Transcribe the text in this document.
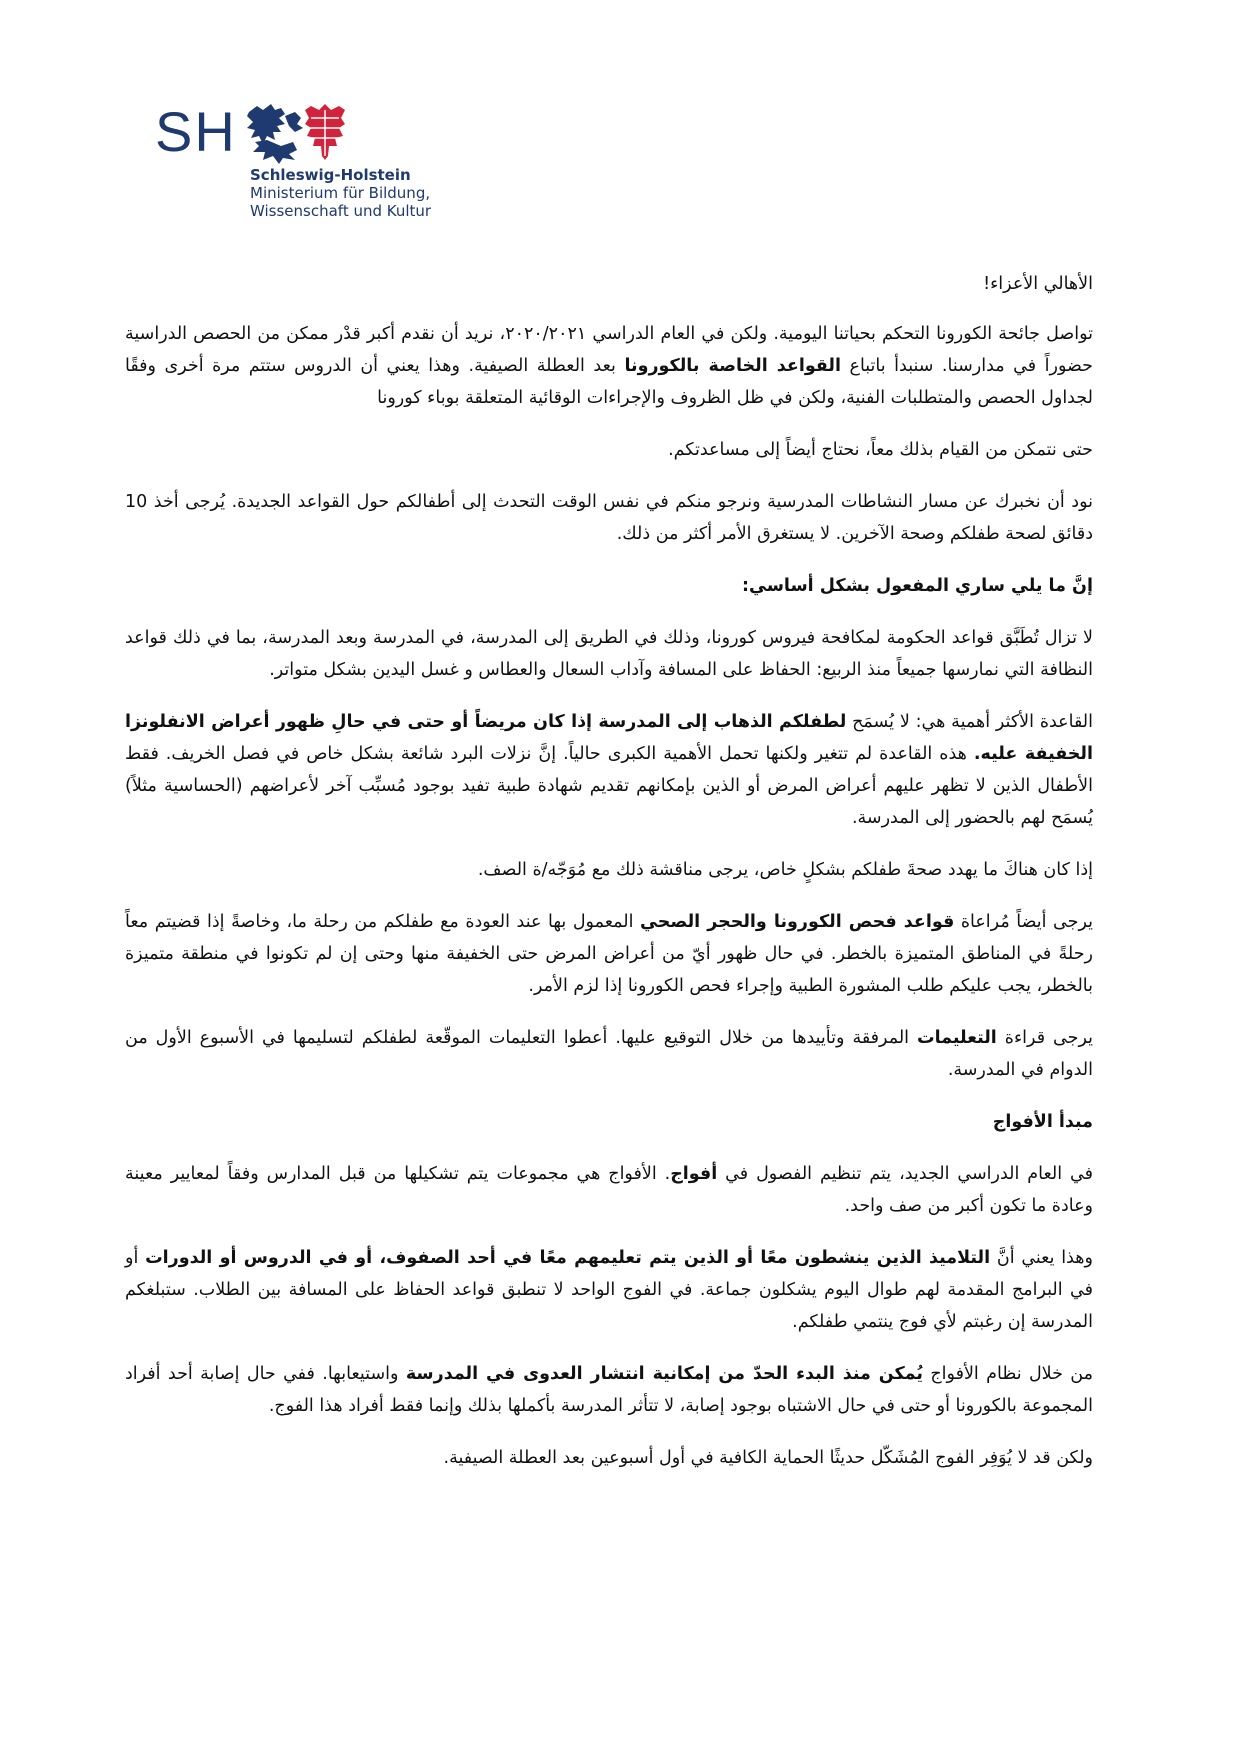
SH
Schleswig-Holstein
Ministerium für Bildung,
Wissenschaft und Kultur

الأهالي الأعزاء!

تواصل جائحة الكورونا التحكم بحياتنا اليومية. ولكن في العام الدراسي ٢٠٢٠/٢٠٢١، نريد أن نقدم أكبر قدْر ممكن من الحصص الدراسية حضوراً في مدارسنا. سنبدأ باتباع القواعد الخاصة بالكورونا بعد العطلة الصيفية. وهذا يعني أن الدروس ستتم مرة أخرى وفقًا لجداول الحصص والمتطلبات الفنية، ولكن في ظل الظروف والإجراءات الوقائية المتعلقة بوباء كورونا

حتى نتمكن من القيام بذلك معاً، نحتاج أيضاً إلى مساعدتكم.

نود أن نخبرك عن مسار النشاطات المدرسية ونرجو منكم في نفس الوقت التحدث إلى أطفالكم حول القواعد الجديدة. يُرجى أخذ 10 دقائق لصحة طفلكم وصحة الآخرين. لا يستغرق الأمر أكثر من ذلك.

إنَّ ما يلي ساري المفعول بشكل أساسي:

لا تزال تُطَبَّق قواعد الحكومة لمكافحة فيروس كورونا، وذلك في الطريق إلى المدرسة، في المدرسة وبعد المدرسة، بما في ذلك قواعد النظافة التي نمارسها جميعاً منذ الربيع: الحفاظ على المسافة وآداب السعال والعطاس و غسل اليدين بشكل متواتر.

القاعدة الأكثر أهمية هي: لا يُسمَح لطفلكم الذهاب إلى المدرسة إذا كان مريضاً أو حتى في حالِ ظهور أعراض الانفلونزا الخفيفة عليه. هذه القاعدة لم تتغير ولكنها تحمل الأهمية الكبرى حالياً. إنَّ نزلات البرد شائعة بشكل خاص في فصل الخريف. فقط الأطفال الذين لا تظهر عليهم أعراض المرض أو الذين بإمكانهم تقديم شهادة طبية تفيد بوجود مُسبِّب آخر لأعراضهم (الحساسية مثلاً) يُسمَح لهم بالحضور إلى المدرسة.

إذا كان هناكَ ما يهدد صحةَ طفلكم بشكلٍ خاص، يرجى مناقشة ذلك مع مُوَجّه/ة الصف.

يرجى أيضاً مُراعاة قواعد فحص الكورونا والحجر الصحي المعمول بها عند العودة مع طفلكم من رحلة ما، وخاصةً إذا قضيتم معاً رحلةً في المناطق المتميزة بالخطر. في حال ظهور أيّ من أعراض المرض حتى الخفيفة منها وحتى إن لم تكونوا في منطقة متميزة بالخطر، يجب عليكم طلب المشورة الطبية وإجراء فحص الكورونا إذا لزم الأمر.

يرجى قراءة التعليمات المرفقة وتأييدها من خلال التوقيع عليها. أعطوا التعليمات الموقّعة لطفلكم لتسليمها في الأسبوع الأول من الدوام في المدرسة.

مبدأ الأفواج

في العام الدراسي الجديد، يتم تنظيم الفصول في أفواج. الأفواج هي مجموعات يتم تشكيلها من قبل المدارس وفقاً لمعايير معينة وعادة ما تكون أكبر من صف واحد.

وهذا يعني أنَّ التلاميذ الذين ينشطون معًا أو الذين يتم تعليمهم معًا في أحد الصفوف، أو في الدروس أو الدورات أو في البرامج المقدمة لهم طوال اليوم يشكلون جماعة. في الفوج الواحد لا تنطبق قواعد الحفاظ على المسافة بين الطلاب. ستبلغكم المدرسة إن رغبتم لأي فوج ينتمي طفلكم.

من خلال نظام الأفواج يُمكن منذ البدء الحدّ من إمكانية انتشار العدوى في المدرسة واستيعابها. ففي حال إصابة أحد أفراد المجموعة بالكورونا أو حتى في حال الاشتباه بوجود إصابة، لا تتأثر المدرسة بأكملها بذلك وإنما فقط أفراد هذا الفوج.

ولكن قد لا يُوَفِر الفوج المُشَكّل حديثًا الحماية الكافية في أول أسبوعين بعد العطلة الصيفية.
